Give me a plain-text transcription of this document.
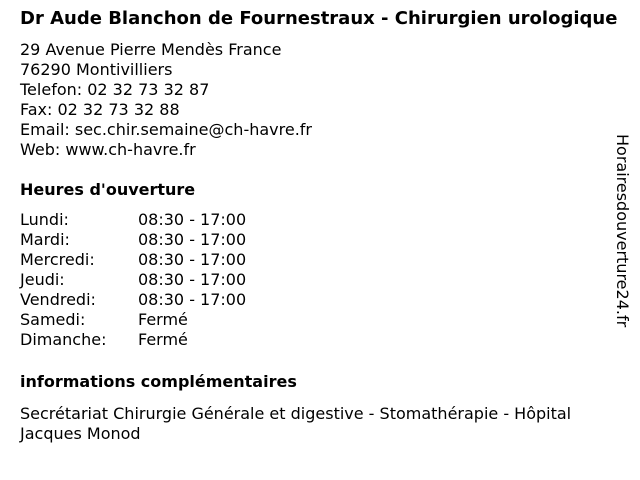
Dr Aude Blanchon de Fournestraux - Chirurgien urologique
29 Avenue Pierre Mendès France
76290 Montivilliers
Telefon: 02 32 73 32 87
Fax: 02 32 73 32 88
Email: sec.chir.semaine@ch-havre.fr
Web: www.ch-havre.fr
Heures d'ouverture
Lundi:	08:30 - 17:00
Mardi:	08:30 - 17:00
Mercredi:	08:30 - 17:00
Jeudi:	08:30 - 17:00
Vendredi:	08:30 - 17:00
Samedi:	Fermé
Dimanche:	Fermé
informations complémentaires
Secrétariat Chirurgie Générale et digestive - Stomathérapie - Hôpital Jacques Monod
Horairesdouverture24.fr
